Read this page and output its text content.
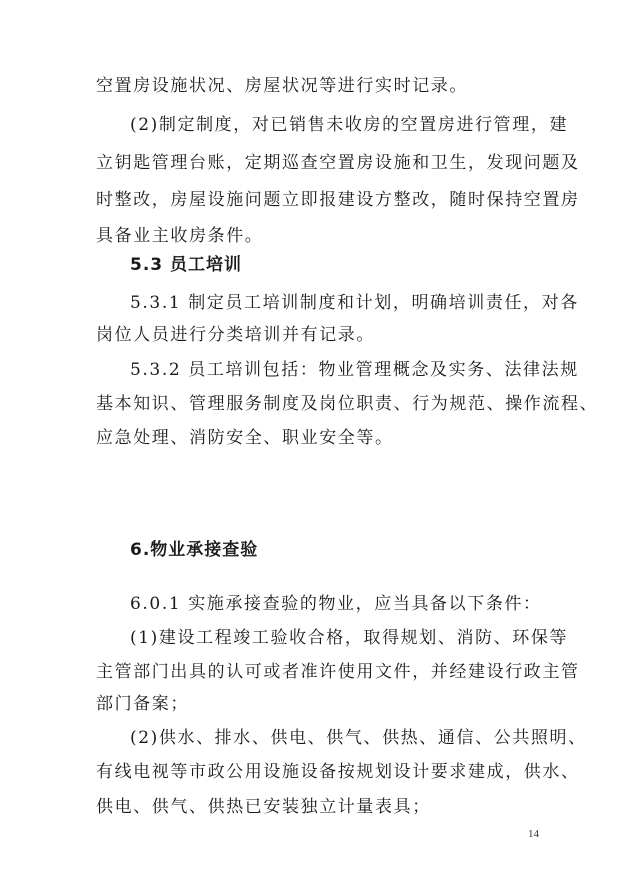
空置房设施状况、房屋状况等进行实时记录。
(2)制定制度，对已销售未收房的空置房进行管理，建
立钥匙管理台账，定期巡查空置房设施和卫生，发现问题及
时整改，房屋设施问题立即报建设方整改，随时保持空置房
具备业主收房条件。
5.3 员工培训
5.3.1 制定员工培训制度和计划，明确培训责任，对各
岗位人员进行分类培训并有记录。
5.3.2 员工培训包括：物业管理概念及实务、法律法规
基本知识、管理服务制度及岗位职责、行为规范、操作流程、
应急处理、消防安全、职业安全等。
6.物业承接查验
6.0.1 实施承接查验的物业，应当具备以下条件：
(1)建设工程竣工验收合格，取得规划、消防、环保等
主管部门出具的认可或者准许使用文件，并经建设行政主管
部门备案；
(2)供水、排水、供电、供气、供热、通信、公共照明、
有线电视等市政公用设施设备按规划设计要求建成，供水、
供电、供气、供热已安装独立计量表具；
14
